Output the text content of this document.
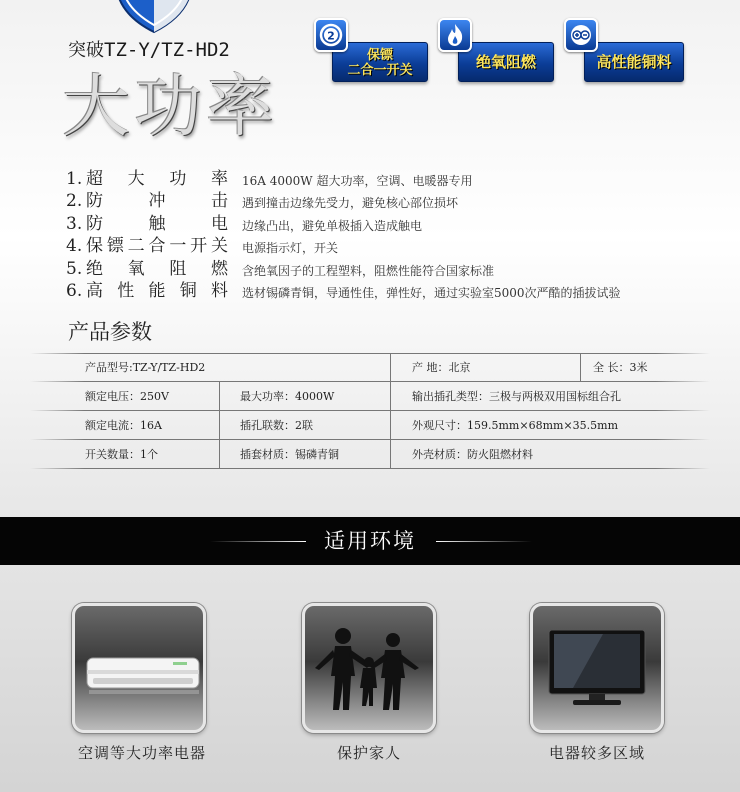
突破TZ-Y/TZ-HD2
大功率
保镖
二合一开关
2
绝氧阻燃	高性能铜料
1. 超 大 功 率 16A 4000W 超大功率，空调、电暖器专用
2. 防	冲	击 遇到撞击边缘先受力，避免核心部位损坏
3. 防	触	电 边缘凸出，避免单极插入造成触电
4. 保 镖 二 合 一 开 关 电源指示灯，开关
5. 绝 氧 阻 燃 含绝氧因子的工程塑料，阻燃性能符合国家标准
6. 高 性 能 铜 料 选材锡磷青铜，导通性佳，弹性好，通过实验室5000次严酷的插拔试验
产品参数
产品型号:TZ-Y/TZ-HD2	产 地：北京	全 长：3米
额定电压：250V	最大功率：4000W	输出插孔类型：三极与两极双用国标组合孔
额定电流：16A	插孔联数：2联	外观尺寸：159.5mm×68mm×35.5mm
开关数量：1个	插套材质：锡磷青铜	外壳材质：防火阻燃材料
适用环境
空调等大功率电器	保护家人	电器较多区域
